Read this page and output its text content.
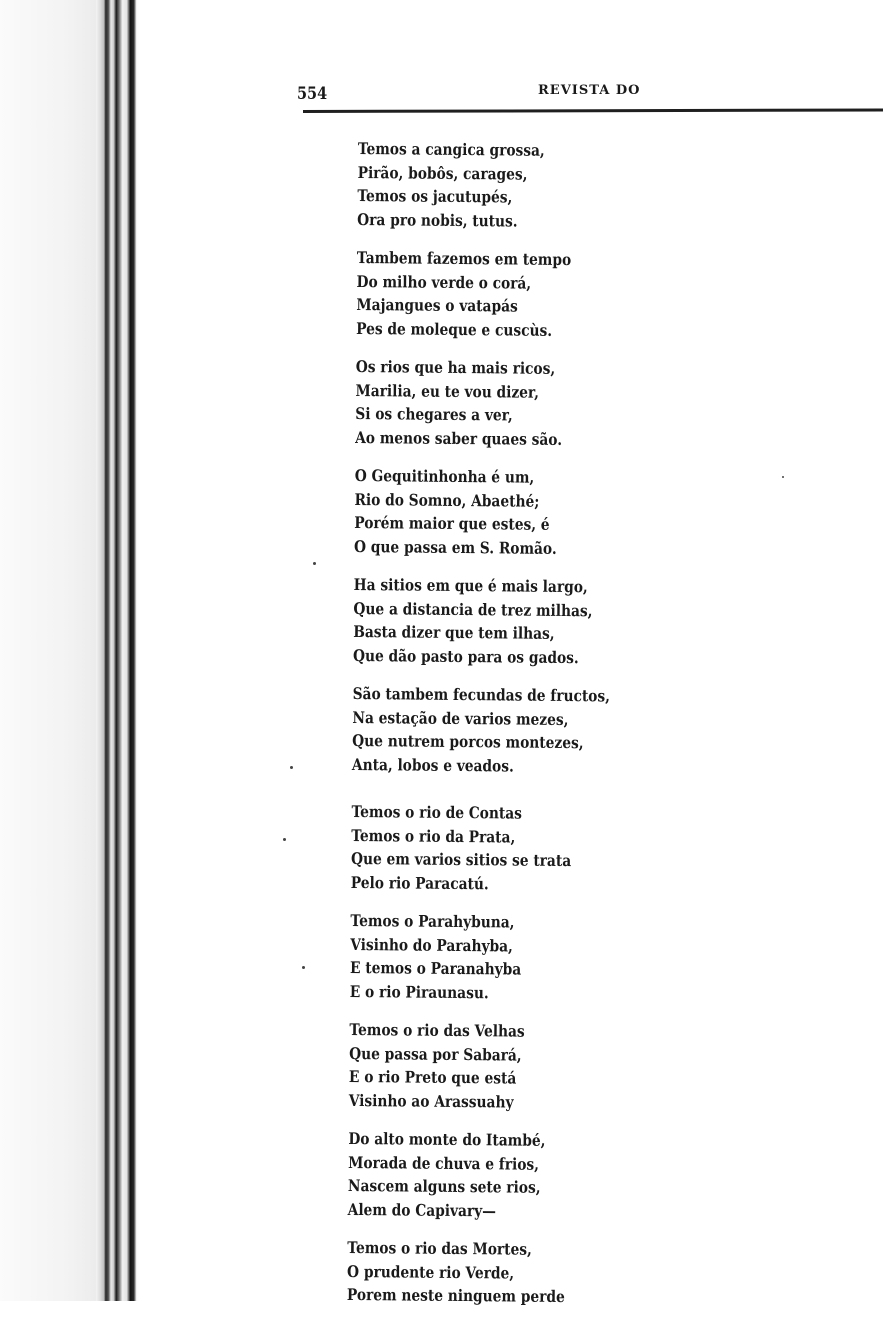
554	REVISTA DO
Temos a cangica grossa,
Pirão, bobôs, carages,
Temos os jacutupés,
Ora pro nobis, tutus.
Tambem fazemos em tempo
Do milho verde o corá,
Majangues o vatapás
Pes de moleque e cuscùs.
Os rios que ha mais ricos,
Marilia, eu te vou dizer,
Si os chegares a ver,
Ao menos saber quaes são.
O Gequitinhonha é um,
Rio do Somno, Abaethé;
Porém maior que estes, é
O que passa em S. Romão.
Ha sitios em que é mais largo,
Que a distancia de trez milhas,
Basta dizer que tem ilhas,
Que dão pasto para os gados.
São tambem fecundas de fructos,
Na estação de varios mezes,
Que nutrem porcos montezes,
Anta, lobos e veados.
Temos o rio de Contas
Temos o rio da Prata,
Que em varios sitios se trata
Pelo rio Paracatú.
Temos o Parahybuna,
Visinho do Parahyba,
E temos o Paranahyba
E o rio Piraunasu.
Temos o rio das Velhas
Que passa por Sabará,
E o rio Preto que está
Visinho ao Arassuahy
Do alto monte do Itambé,
Morada de chuva e frios,
Nascem alguns sete rios,
Alem do Capivary—
Temos o rio das Mortes,
O prudente rio Verde,
Porem neste ninguem perde
